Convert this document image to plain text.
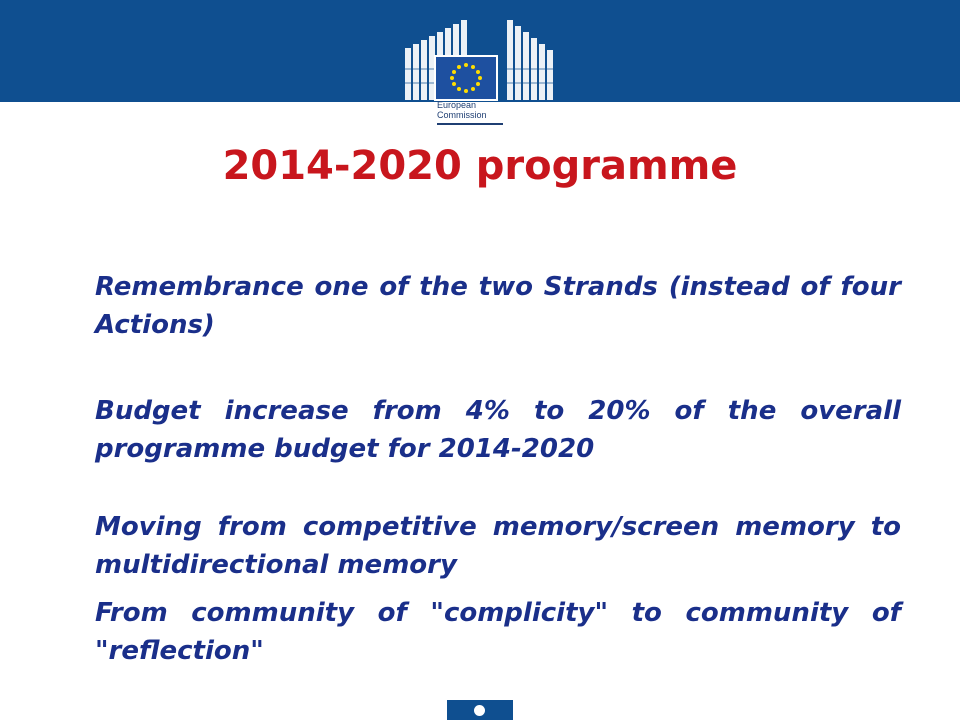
European
Commission
2014-2020 programme
Remembrance one of the two Strands (instead of four Actions)
Budget increase from 4% to 20% of the overall programme budget for 2014-2020
Moving from competitive memory/screen memory to multidirectional memory
From community of "complicity" to community of "reflection"
